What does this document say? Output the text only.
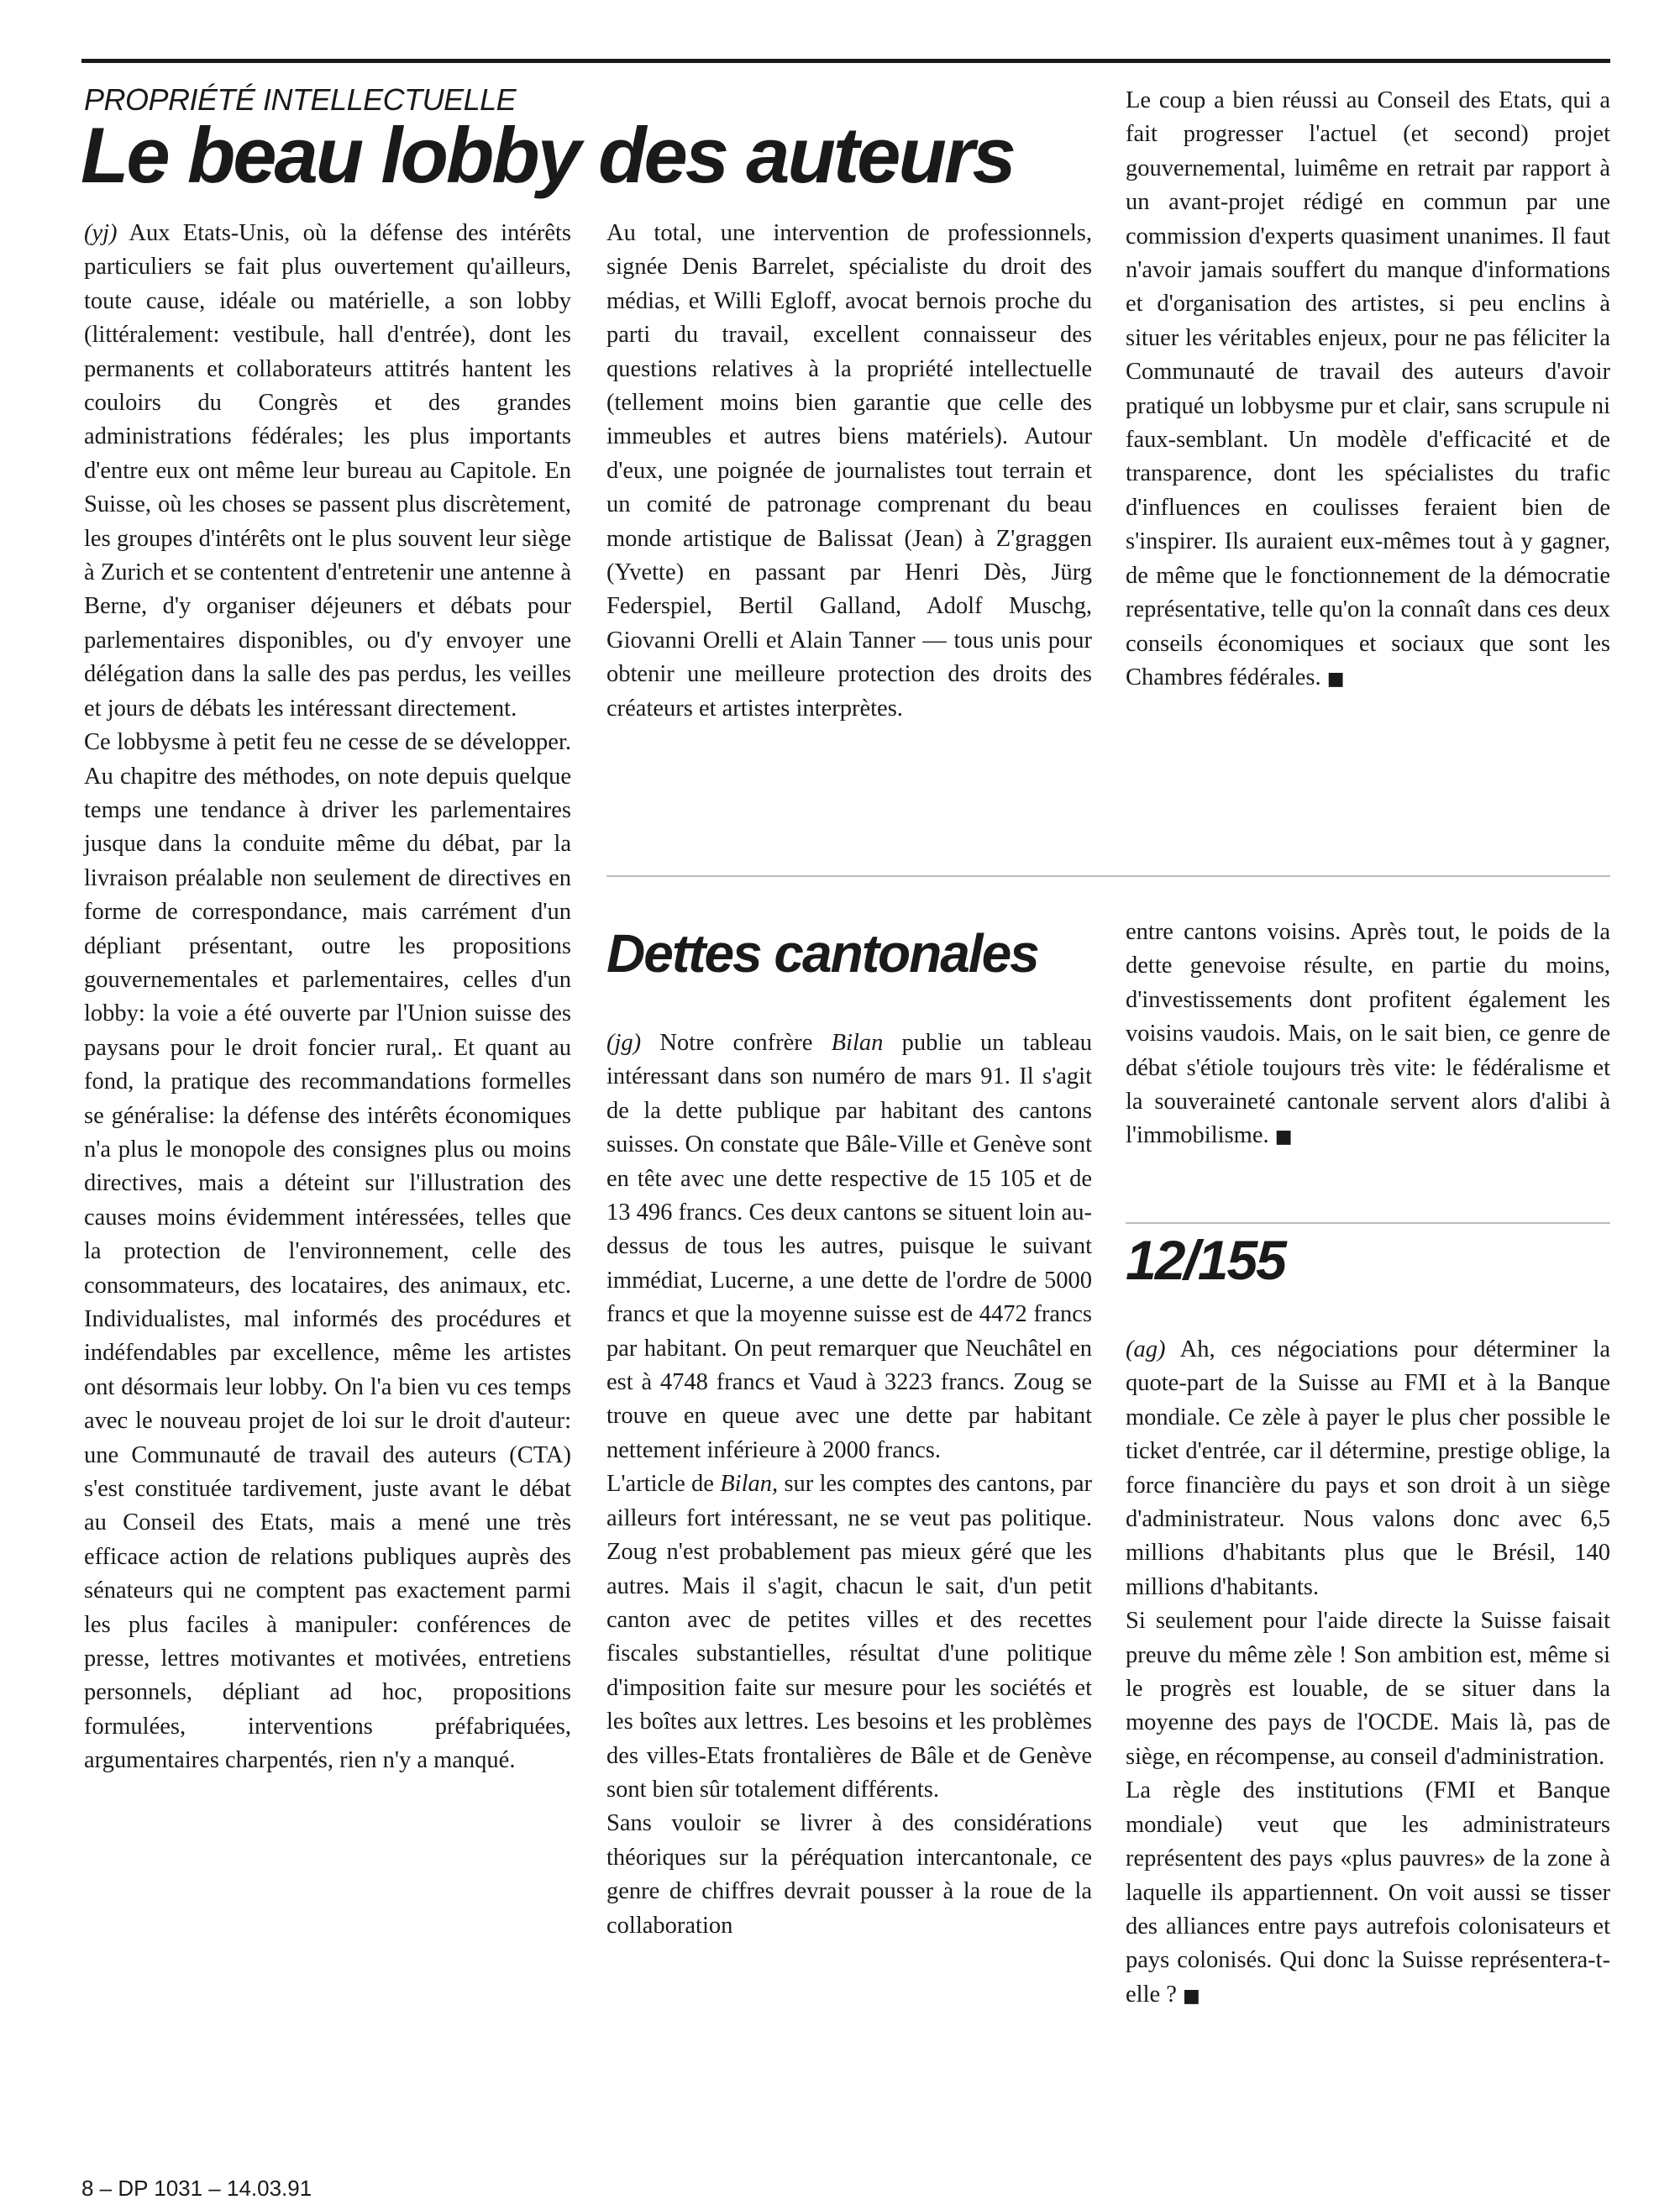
PROPRIÉTÉ INTELLECTUELLE
Le beau lobby des auteurs

(yj) Aux Etats-Unis, où la défense des intérêts particuliers se fait plus ouvertement qu'ailleurs, toute cause, idéale ou matérielle, a son lobby (littéralement: vestibule, hall d'entrée), dont les permanents et collaborateurs attitrés hantent les couloirs du Congrès et des grandes administrations fédérales; les plus importants d'entre eux ont même leur bureau au Capitole. En Suisse, où les choses se passent plus discrètement, les groupes d'intérêts ont le plus souvent leur siège à Zurich et se contentent d'entretenir une antenne à Berne, d'y organiser déjeuners et débats pour parlementaires disponibles, ou d'y envoyer une délégation dans la salle des pas perdus, les veilles et jours de débats les intéressant directement.

Ce lobbysme à petit feu ne cesse de se développer. Au chapitre des méthodes, on note depuis quelque temps une tendance à driver les parlementaires jusque dans la conduite même du débat, par la livraison préalable non seulement de directives en forme de correspondance, mais carrément d'un dépliant présentant, outre les propositions gouvernementales et parlementaires, celles d'un lobby: la voie a été ouverte par l'Union suisse des paysans pour le droit foncier rural,. Et quant au fond, la pratique des recommandations formelles se généralise: la défense des intérêts économiques n'a plus le monopole des consignes plus ou moins directives, mais a déteint sur l'illustration des causes moins évidemment intéressées, telles que la protection de l'environnement, celle des consommateurs, des locataires, des animaux, etc. Individualistes, mal informés des procédures et indéfendables par excellence, même les artistes ont désormais leur lobby. On l'a bien vu ces temps avec le nouveau projet de loi sur le droit d'auteur: une Communauté de travail des auteurs (CTA) s'est constituée tardivement, juste avant le débat au Conseil des Etats, mais a mené une très efficace action de relations publiques auprès des sénateurs qui ne comptent pas exactement parmi les plus faciles à manipuler: conférences de presse, lettres motivantes et motivées, entretiens personnels, dépliant ad hoc, propositions formulées, interventions préfabriquées, argumentaires charpentés, rien n'y a manqué.

Au total, une intervention de professionnels, signée Denis Barrelet, spécialiste du droit des médias, et Willi Egloff, avocat bernois proche du parti du travail, excellent connaisseur des questions relatives à la propriété intellectuelle (tellement moins bien garantie que celle des immeubles et autres biens matériels). Autour d'eux, une poignée de journalistes tout terrain et un comité de patronage comprenant du beau monde artistique de Balissat (Jean) à Z'graggen (Yvette) en passant par Henri Dès, Jürg Federspiel, Bertil Galland, Adolf Muschg, Giovanni Orelli et Alain Tanner — tous unis pour obtenir une meilleure protection des droits des créateurs et artistes interprètes.

Le coup a bien réussi au Conseil des Etats, qui a fait progresser l'actuel (et second) projet gouvernemental, luimême en retrait par rapport à un avant-projet rédigé en commun par une commission d'experts quasiment unanimes. Il faut n'avoir jamais souffert du manque d'informations et d'organisation des artistes, si peu enclins à situer les véritables enjeux, pour ne pas féliciter la Communauté de travail des auteurs d'avoir pratiqué un lobbysme pur et clair, sans scrupule ni faux-semblant. Un modèle d'efficacité et de transparence, dont les spécialistes du trafic d'influences en coulisses feraient bien de s'inspirer. Ils auraient eux-mêmes tout à y gagner, de même que le fonctionnement de la démocratie représentative, telle qu'on la connaît dans ces deux conseils économiques et sociaux que sont les Chambres fédérales. ■

Dettes cantonales

(jg) Notre confrère Bilan publie un tableau intéressant dans son numéro de mars 91. Il s'agit de la dette publique par habitant des cantons suisses. On constate que Bâle-Ville et Genève sont en tête avec une dette respective de 15 105 et de 13 496 francs. Ces deux cantons se situent loin au-dessus de tous les autres, puisque le suivant immédiat, Lucerne, a une dette de l'ordre de 5000 francs et que la moyenne suisse est de 4472 francs par habitant. On peut remarquer que Neuchâtel en est à 4748 francs et Vaud à 3223 francs. Zoug se trouve en queue avec une dette par habitant nettement inférieure à 2000 francs.

L'article de Bilan, sur les comptes des cantons, par ailleurs fort intéressant, ne se veut pas politique. Zoug n'est probablement pas mieux géré que les autres. Mais il s'agit, chacun le sait, d'un petit canton avec de petites villes et des recettes fiscales substantielles, résultat d'une politique d'imposition faite sur mesure pour les sociétés et les boîtes aux lettres. Les besoins et les problèmes des villes-Etats frontalières de Bâle et de Genève sont bien sûr totalement différents.

Sans vouloir se livrer à des considérations théoriques sur la péréquation intercantonale, ce genre de chiffres devrait pousser à la roue de la collaboration

entre cantons voisins. Après tout, le poids de la dette genevoise résulte, en partie du moins, d'investissements dont profitent également les voisins vaudois. Mais, on le sait bien, ce genre de débat s'étiole toujours très vite: le fédéralisme et la souveraineté cantonale servent alors d'alibi à l'immobilisme. ■

12/155

(ag) Ah, ces négociations pour déterminer la quote-part de la Suisse au FMI et à la Banque mondiale. Ce zèle à payer le plus cher possible le ticket d'entrée, car il détermine, prestige oblige, la force financière du pays et son droit à un siège d'administrateur. Nous valons donc avec 6,5 millions d'habitants plus que le Brésil, 140 millions d'habitants.

Si seulement pour l'aide directe la Suisse faisait preuve du même zèle ! Son ambition est, même si le progrès est louable, de se situer dans la moyenne des pays de l'OCDE. Mais là, pas de siège, en récompense, au conseil d'administration.

La règle des institutions (FMI et Banque mondiale) veut que les administrateurs représentent des pays «plus pauvres» de la zone à laquelle ils appartiennent. On voit aussi se tisser des alliances entre pays autrefois colonisateurs et pays colonisés. Qui donc la Suisse représentera-t-elle ? ■

8 – DP 1031 – 14.03.91
